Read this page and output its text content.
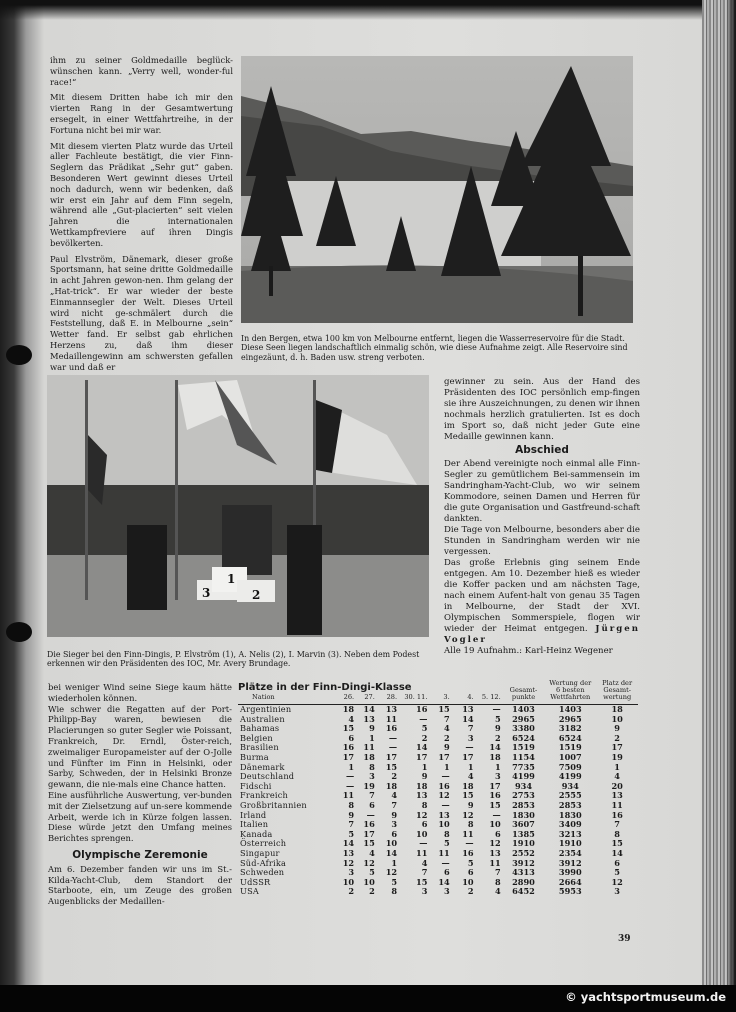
ihm zu seiner Goldmedaille beglück-wünschen kann. „Verry well, wonder-ful race!“

Mit diesem Dritten habe ich mir den vierten Rang in der Gesamtwertung ersegelt, in einer Wettfahrtreihe, in der Fortuna nicht bei mir war.

Mit diesem vierten Platz wurde das Urteil aller Fachleute bestätigt, die vier Finn-Seglern das Prädikat „Sehr gut“ gaben. Besonderen Wert gewinnt dieses Urteil noch dadurch, wenn wir bedenken, daß wir erst ein Jahr auf dem Finn segeln, während alle „Gut-placierten“ seit vielen Jahren die internationalen Wettkampfreviere auf ihren Dingis bevölkerten.

Paul Elvström, Dänemark, dieser große Sportsmann, hat seine dritte Goldmedaille in acht Jahren gewon-nen. Ihm gelang der „Hat-trick“. Er war wieder der beste Einmannsegler der Welt. Dieses Urteil wird nicht ge-schmälert durch die Feststellung, daß E. in Melbourne „sein“ Wetter fand. Er selbst gab ehrlichen Herzens zu, daß ihm dieser Medaillengewinn am schwersten gefallen war und daß er

In den Bergen, etwa 100 km von Melbourne entfernt, liegen die Wasserreservoire für die Stadt. Diese Seen liegen landschaftlich einmalig schön, wie diese Aufnahme zeigt. Alle Reservoire sind eingezäunt, d. h. Baden usw. streng verboten.
3
1
2
Die Sieger bei den Finn-Dingis, P. Elvström (1), A. Nelis (2), I. Marvin (3). Neben dem Podest erkennen wir den Präsidenten des IOC, Mr. Avery Brundage.

gewinner zu sein. Aus der Hand des Präsidenten des IOC persönlich emp-fingen sie ihre Auszeichnungen, zu denen wir ihnen nochmals herzlich gratulierten. Ist es doch im Sport so, daß nicht jeder Gute eine Medaille gewinnen kann.

Abschied

Der Abend vereinigte noch einmal alle Finn-Segler zu gemütlichem Bei-sammensein im Sandringham-Yacht-Club, wo wir seinem Kommodore, seinen Damen und Herren für die gute Organisation und Gastfreund-schaft dankten.

Die Tage von Melbourne, besonders aber die Stunden in Sandringham werden wir nie vergessen.

Das große Erlebnis ging seinem Ende entgegen. Am 10. Dezember hieß es wieder die Koffer packen und am nächsten Tage, nach einem Aufent-halt von genau 35 Tagen in Melbourne, der Stadt der XVI. Olympischen Sommerspiele, flogen wir wieder der Heimat entgegen. Jürgen Vogler

Alle 19 Aufnahm.: Karl-Heinz Wegener

bei weniger Wind seine Siege kaum hätte wiederholen können.

Wie schwer die Regatten auf der Port-Philipp-Bay waren, bewiesen die Placierungen so guter Segler wie Poissant, Frankreich, Dr. Erndl, Öster-reich, zweimaliger Europameister auf der O-Jolle und Fünfter im Finn in Helsinki, oder Sarby, Schweden, der in Helsinki Bronze gewann, die nie-mals eine Chance hatten.

Eine ausführliche Auswertung, ver-bunden mit der Zielsetzung auf un-sere kommende Arbeit, werde ich in Kürze folgen lassen. Diese würde jetzt den Umfang meines Berichtes sprengen.

Olympische Zeremonie

Am 6. Dezember fanden wir uns im St.-Kilda-Yacht-Club, dem Standort der Starboote, ein, um Zeuge des großen Augenblicks der Medaillen-

Plätze in der Finn-Dingi-Klasse
Nation	26.	27.	28.	30. 11.	3.	4.	5. 12.	Gesamt-punkte	Wertung der 6 besten Wettfahrten	Platz der Gesamt-wertung
Argentinien	18	14	13	16	15	13	—	1403	1403	18
Australien	4	13	11	—	7	14	5	2965	2965	10
Bahamas	15	9	16	5	4	7	9	3380	3182	9
Belgien	6	1	—	2	2	3	2	6524	6524	2
Brasilien	16	11	—	14	9	—	14	1519	1519	17
Burma	17	18	17	17	17	17	18	1154	1007	19
Dänemark	1	8	15	1	1	1	1	7735	7509	1
Deutschland	—	3	2	9	—	4	3	4199	4199	4
Fidschi	—	19	18	18	16	18	17	934	934	20
Frankreich	11	7	4	13	12	15	16	2753	2555	13
Großbritannien	8	6	7	8	—	9	15	2853	2853	11
Irland	9	—	9	12	13	12	—	1830	1830	16
Italien	7	16	3	6	10	8	10	3607	3409	7
Kanada	5	17	6	10	8	11	6	1385	3213	8
Österreich	14	15	10	—	5	—	12	1910	1910	15
Singapur	13	4	14	11	11	16	13	2552	2354	14
Süd-Afrika	12	12	1	4	—	5	11	3912	3912	6
Schweden	3	5	12	7	6	6	7	4313	3990	5
UdSSR	10	10	5	15	14	10	8	2890	2664	12
USA	2	2	8	3	3	2	4	6452	5953	3
39
© yachtsportmuseum.de
